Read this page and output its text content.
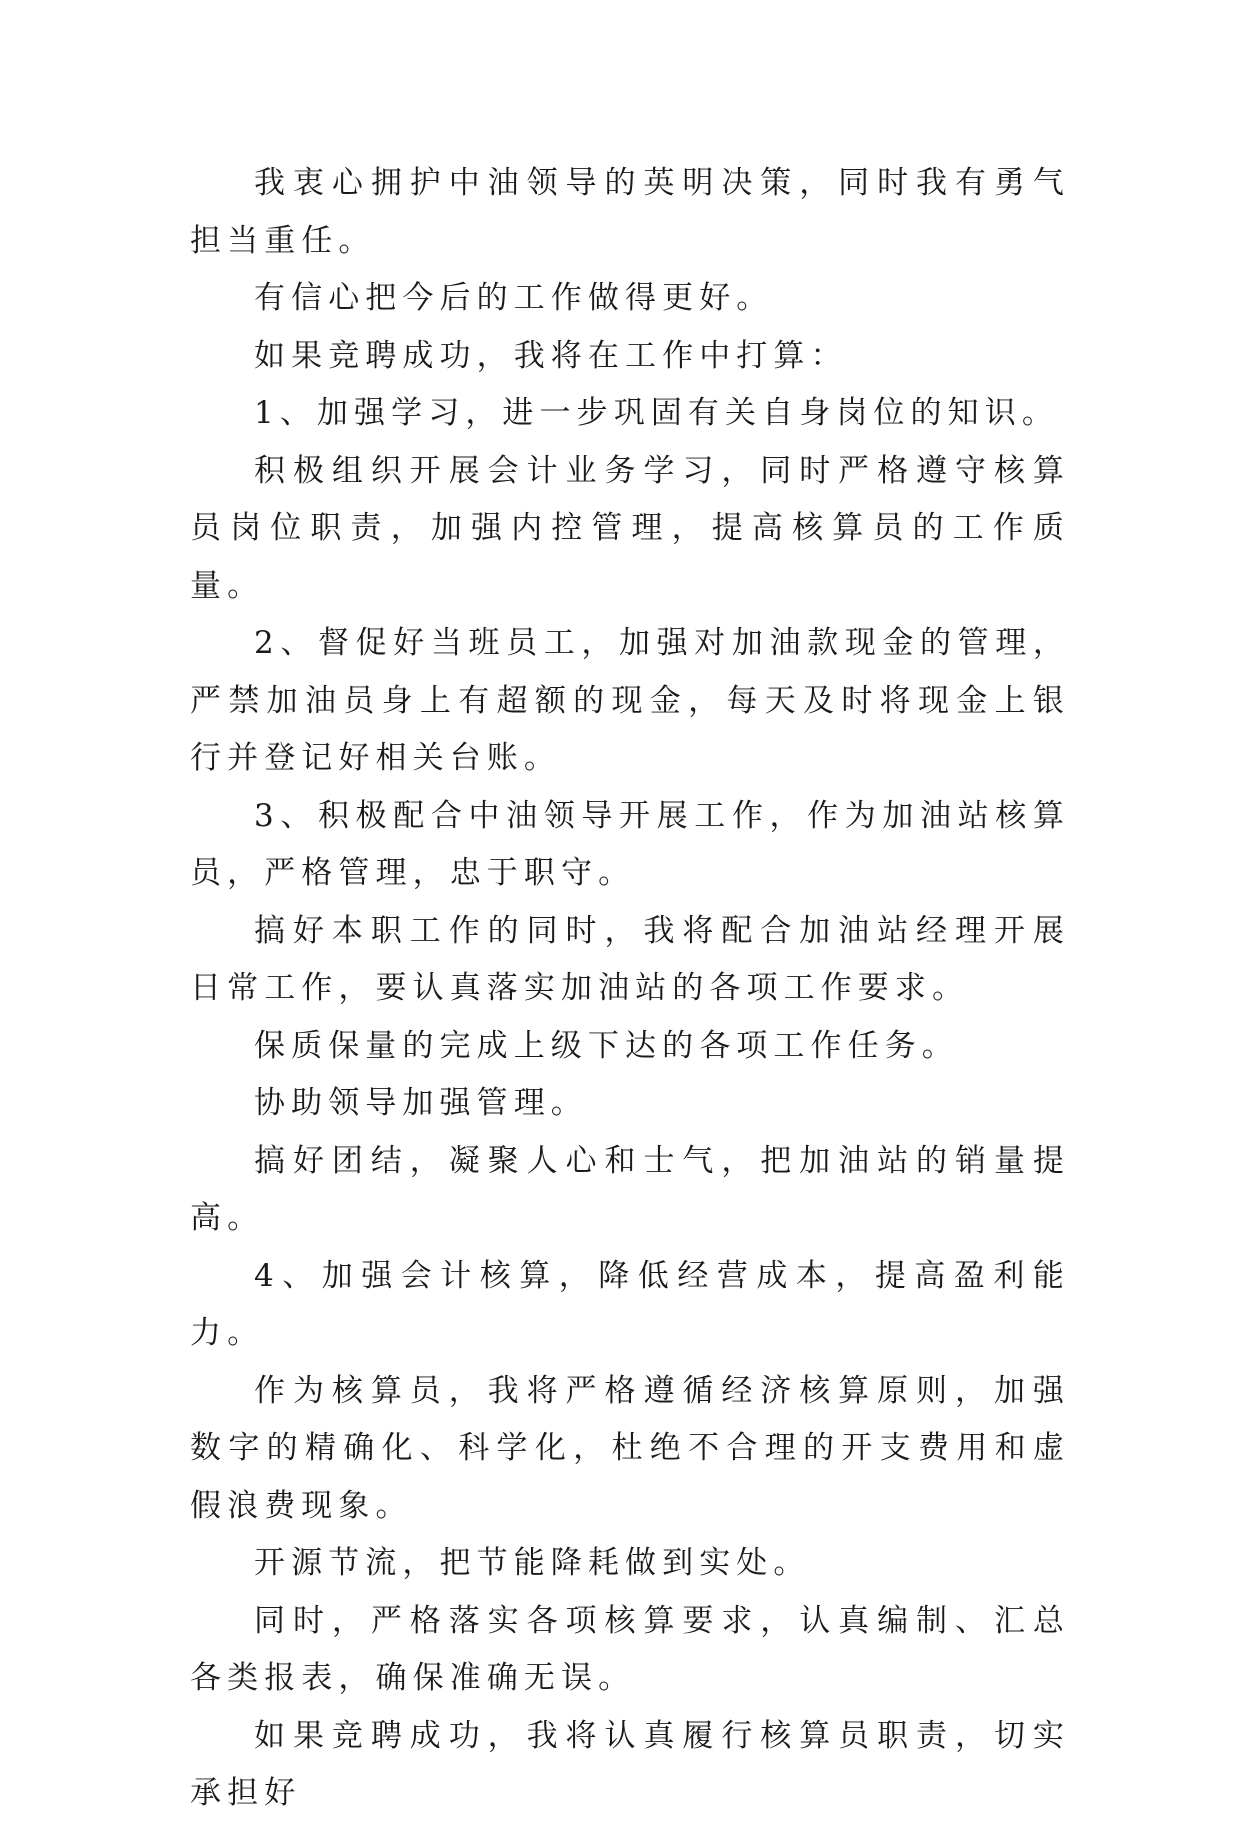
我衷心拥护中油领导的英明决策，同时我有勇气担当重任。

有信心把今后的工作做得更好。

如果竞聘成功，我将在工作中打算：

1、加强学习，进一步巩固有关自身岗位的知识。

积极组织开展会计业务学习，同时严格遵守核算员岗位职责，加强内控管理，提高核算员的工作质量。

2、督促好当班员工，加强对加油款现金的管理，严禁加油员身上有超额的现金，每天及时将现金上银行并登记好相关台账。

3、积极配合中油领导开展工作，作为加油站核算员，严格管理，忠于职守。

搞好本职工作的同时，我将配合加油站经理开展日常工作，要认真落实加油站的各项工作要求。

保质保量的完成上级下达的各项工作任务。

协助领导加强管理。

搞好团结，凝聚人心和士气，把加油站的销量提高。

4、加强会计核算，降低经营成本，提高盈利能力。

作为核算员，我将严格遵循经济核算原则，加强数字的精确化、科学化，杜绝不合理的开支费用和虚假浪费现象。

开源节流，把节能降耗做到实处。

同时，严格落实各项核算要求，认真编制、汇总各类报表，确保准确无误。

如果竞聘成功，我将认真履行核算员职责，切实承担好
